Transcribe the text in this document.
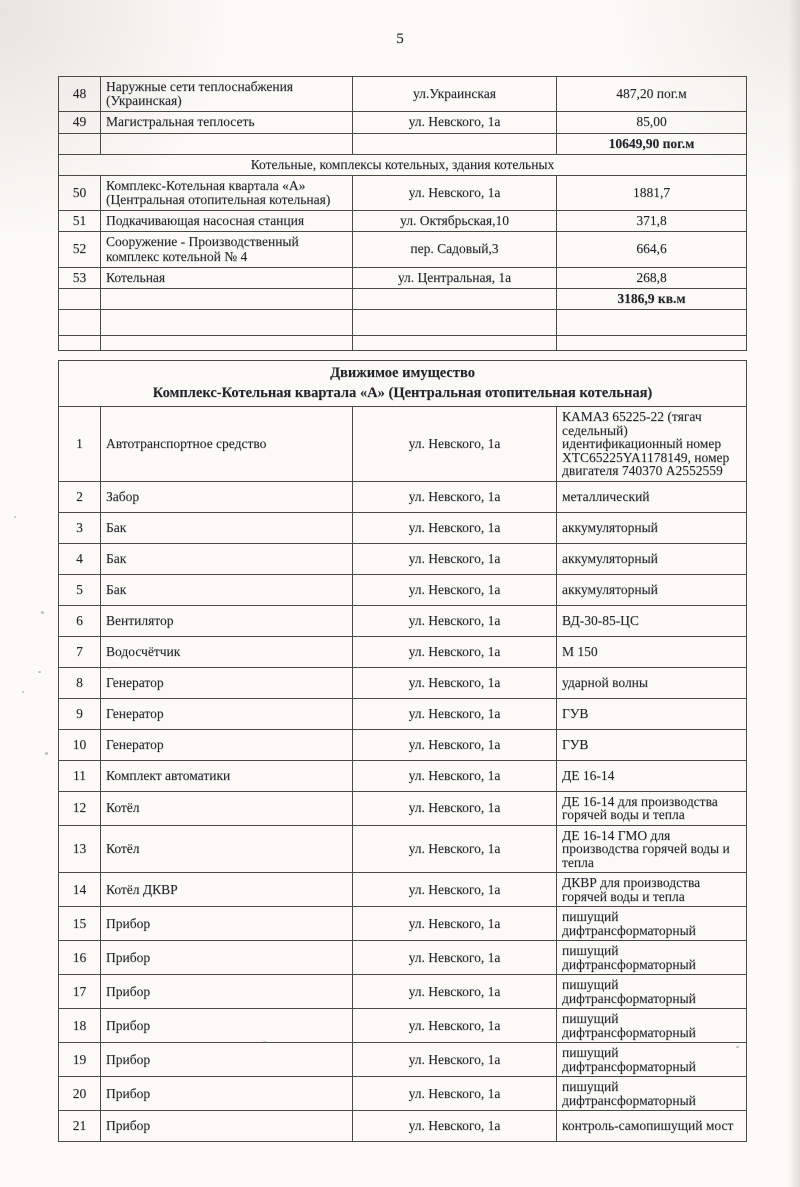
5
48	Наружные сети теплоснабжения (Украинская)	ул.Украинская	487,20 пог.м
49	Магистральная теплосеть	ул. Невского, 1а	85,00
			10649,90 пог.м
Котельные, комплексы котельных, здания котельных			
50	Комплекс-Котельная квартала «А» (Центральная отопительная котельная)	ул. Невского, 1а	1881,7
51	Подкачивающая насосная станция	ул. Октябрьская,10	371,8
52	Сооружение - Производственный комплекс котельной № 4	пер. Садовый,3	664,6
53	Котельная	ул. Центральная, 1а	268,8
			3186,9 кв.м

Движимое имущество
Комплекс-Котельная квартала «А» (Центральная отопительная котельная)			

1	Автотранспортное средство	ул. Невского, 1а	КАМАЗ 65225-22 (тягач седельный) идентификационный номер XTC65225YA1178149, номер двигателя 740370 А2552559
2	Забор	ул. Невского, 1а	металлический
3	Бак	ул. Невского, 1а	аккумуляторный
4	Бак	ул. Невского, 1а	аккумуляторный
5	Бак	ул. Невского, 1а	аккумуляторный
6	Вентилятор	ул. Невского, 1а	ВД-30-85-ЦС
7	Водосчётчик	ул. Невского, 1а	М 150
8	Генератор	ул. Невского, 1а	ударной волны
9	Генератор	ул. Невского, 1а	ГУВ
10	Генератор	ул. Невского, 1а	ГУВ
11	Комплект автоматики	ул. Невского, 1а	ДЕ 16-14
12	Котёл	ул. Невского, 1а	ДЕ 16-14 для производства горячей воды и тепла
13	Котёл	ул. Невского, 1а	ДЕ 16-14 ГМО для производства горячей воды и тепла
14	Котёл ДКВР	ул. Невского, 1а	ДКВР для производства горячей воды и тепла
15	Прибор	ул. Невского, 1а	пишущий дифтрансформаторный
16	Прибор	ул. Невского, 1а	пишущий дифтрансформаторный
17	Прибор	ул. Невского, 1а	пишущий дифтрансформаторный
18	Прибор	ул. Невского, 1а	пишущий дифтрансформаторный
19	Прибор	ул. Невского, 1а	пишущий дифтрансформаторный
20	Прибор	ул. Невского, 1а	пишущий дифтрансформаторный
21	Прибор	ул. Невского, 1а	контроль-самопишущий мост
